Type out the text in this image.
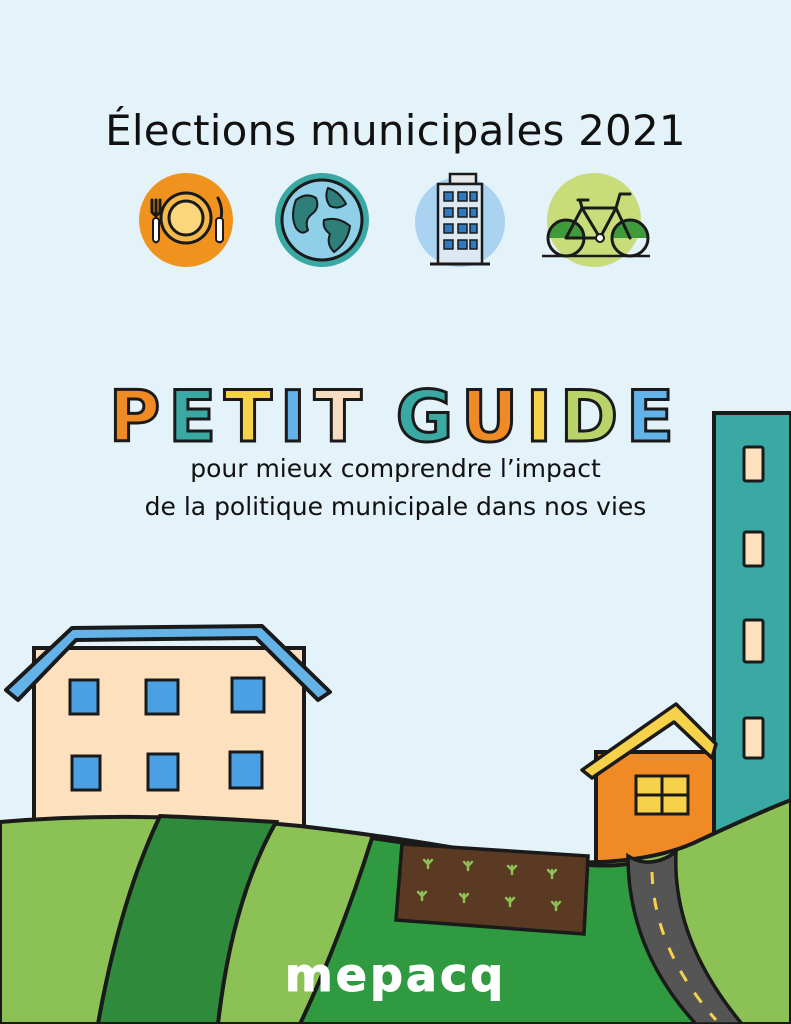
Élections municipales 2021
PETIT GUIDE
pour mieux comprendre l’impact
de la politique municipale dans nos vies
mepacq
